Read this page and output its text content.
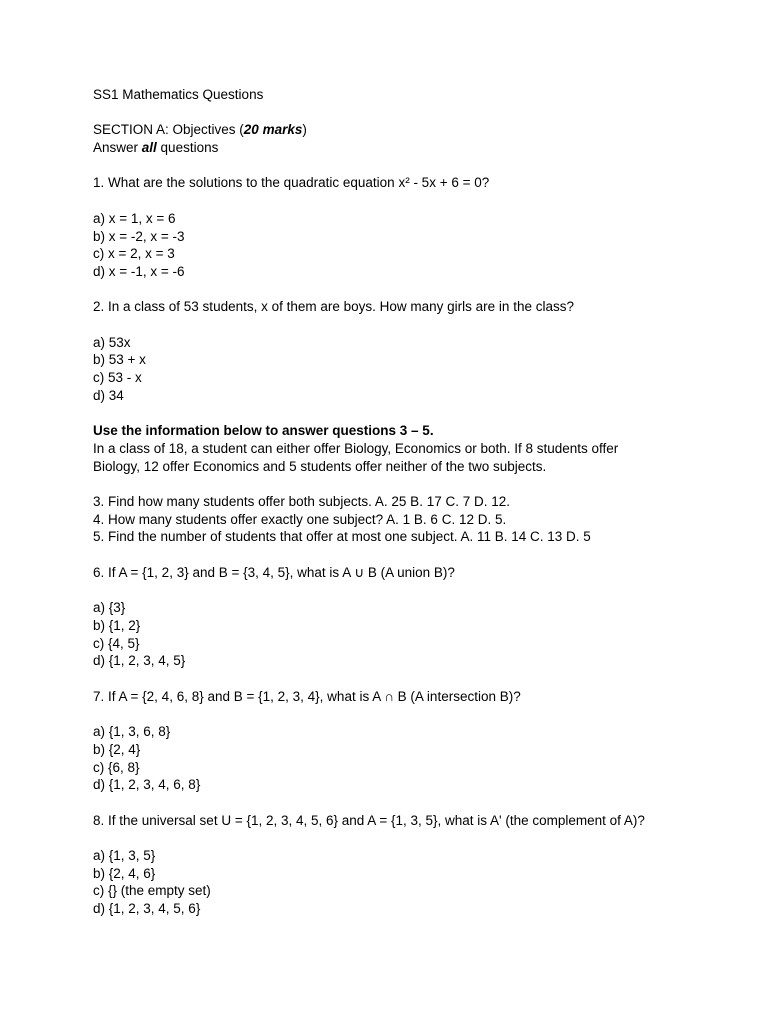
SS1 Mathematics Questions
SECTION A: Objectives (20 marks)
Answer all questions
1. What are the solutions to the quadratic equation x² - 5x + 6 = 0?
a) x = 1, x = 6
b) x = -2, x = -3
c) x = 2, x = 3
d) x = -1, x = -6
2. In a class of 53 students, x of them are boys. How many girls are in the class?
a) 53x
b) 53 + x
c) 53 - x
d) 34
Use the information below to answer questions 3 – 5.
In a class of 18, a student can either offer Biology, Economics or both. If 8 students offer Biology, 12 offer Economics and 5 students offer neither of the two subjects.
3. Find how many students offer both subjects. A. 25 B. 17 C. 7 D. 12.
4. How many students offer exactly one subject? A. 1 B. 6 C. 12 D. 5.
5. Find the number of students that offer at most one subject. A. 11 B. 14 C. 13 D. 5
6. If A = {1, 2, 3} and B = {3, 4, 5}, what is A ∪ B (A union B)?
a) {3}
b) {1, 2}
c) {4, 5}
d) {1, 2, 3, 4, 5}
7. If A = {2, 4, 6, 8} and B = {1, 2, 3, 4}, what is A ∩ B (A intersection B)?
a) {1, 3, 6, 8}
b) {2, 4}
c) {6, 8}
d) {1, 2, 3, 4, 6, 8}
8. If the universal set U = {1, 2, 3, 4, 5, 6} and A = {1, 3, 5}, what is A' (the complement of A)?
a) {1, 3, 5}
b) {2, 4, 6}
c) {} (the empty set)
d) {1, 2, 3, 4, 5, 6}
